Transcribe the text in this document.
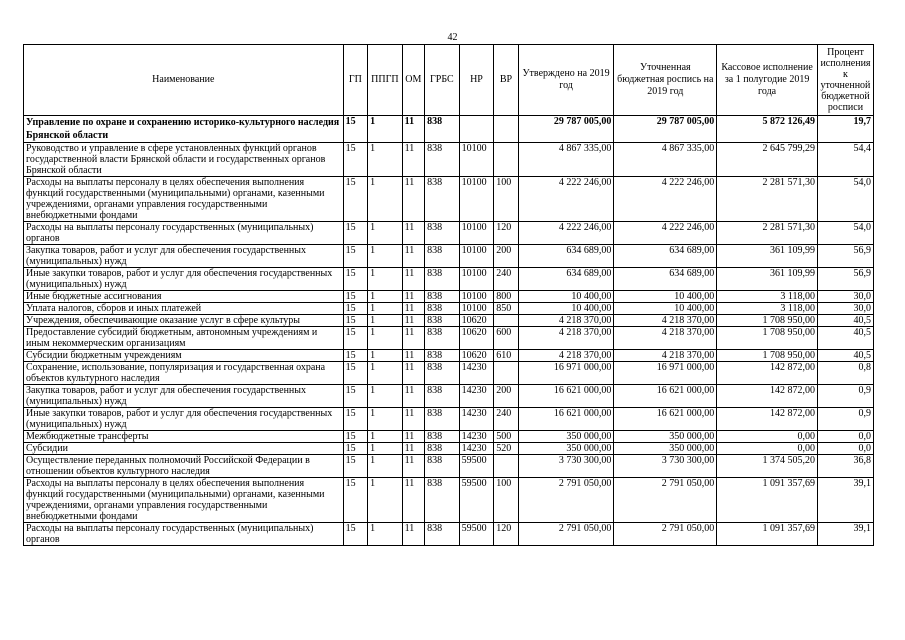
42
Наименование	ГП	ППГП	ОМ	ГРБС	НР	ВР	Утверждено на 2019 год	Уточненная бюджетная роспись на 2019 год	Кассовое исполнение за 1 полугодие 2019 года	Процент исполнения к уточненной бюджетной росписи
Управление по охране и сохранению историко-культурного наследия Брянской области	15	1	11	838			29 787 005,00	29 787 005,00	5 872 126,49	19,7
Руководство и управление в сфере установленных функций органов государственной власти Брянской области и государственных органов Брянской области	15	1	11	838	10100		4 867 335,00	4 867 335,00	2 645 799,29	54,4
Расходы на выплаты персоналу в целях обеспечения выполнения функций государственными (муниципальными) органами, казенными учреждениями, органами управления государственными внебюджетными фондами	15	1	11	838	10100	100	4 222 246,00	4 222 246,00	2 281 571,30	54,0
Расходы на выплаты персоналу государственных (муниципальных) органов	15	1	11	838	10100	120	4 222 246,00	4 222 246,00	2 281 571,30	54,0
Закупка товаров, работ и услуг для обеспечения государственных (муниципальных) нужд	15	1	11	838	10100	200	634 689,00	634 689,00	361 109,99	56,9
Иные закупки товаров, работ и услуг для обеспечения государственных (муниципальных) нужд	15	1	11	838	10100	240	634 689,00	634 689,00	361 109,99	56,9
Иные бюджетные ассигнования	15	1	11	838	10100	800	10 400,00	10 400,00	3 118,00	30,0
Уплата налогов, сборов и иных платежей	15	1	11	838	10100	850	10 400,00	10 400,00	3 118,00	30,0
Учреждения, обеспечивающие оказание услуг в сфере культуры	15	1	11	838	10620		4 218 370,00	4 218 370,00	1 708 950,00	40,5
Предоставление субсидий бюджетным, автономным учреждениям и иным некоммерческим организациям	15	1	11	838	10620	600	4 218 370,00	4 218 370,00	1 708 950,00	40,5
Субсидии бюджетным учреждениям	15	1	11	838	10620	610	4 218 370,00	4 218 370,00	1 708 950,00	40,5
Сохранение, использование, популяризация и государственная охрана объектов культурного наследия	15	1	11	838	14230		16 971 000,00	16 971 000,00	142 872,00	0,8
Закупка товаров, работ и услуг для обеспечения государственных (муниципальных) нужд	15	1	11	838	14230	200	16 621 000,00	16 621 000,00	142 872,00	0,9
Иные закупки товаров, работ и услуг для обеспечения государственных (муниципальных) нужд	15	1	11	838	14230	240	16 621 000,00	16 621 000,00	142 872,00	0,9
Межбюджетные трансферты	15	1	11	838	14230	500	350 000,00	350 000,00	0,00	0,0
Субсидии	15	1	11	838	14230	520	350 000,00	350 000,00	0,00	0,0
Осуществление переданных полномочий Российской Федерации в отношении объектов культурного наследия	15	1	11	838	59500		3 730 300,00	3 730 300,00	1 374 505,20	36,8
Расходы на выплаты персоналу в целях обеспечения выполнения функций государственными (муниципальными) органами, казенными учреждениями, органами управления государственными внебюджетными фондами	15	1	11	838	59500	100	2 791 050,00	2 791 050,00	1 091 357,69	39,1
Расходы на выплаты персоналу государственных (муниципальных) органов	15	1	11	838	59500	120	2 791 050,00	2 791 050,00	1 091 357,69	39,1
